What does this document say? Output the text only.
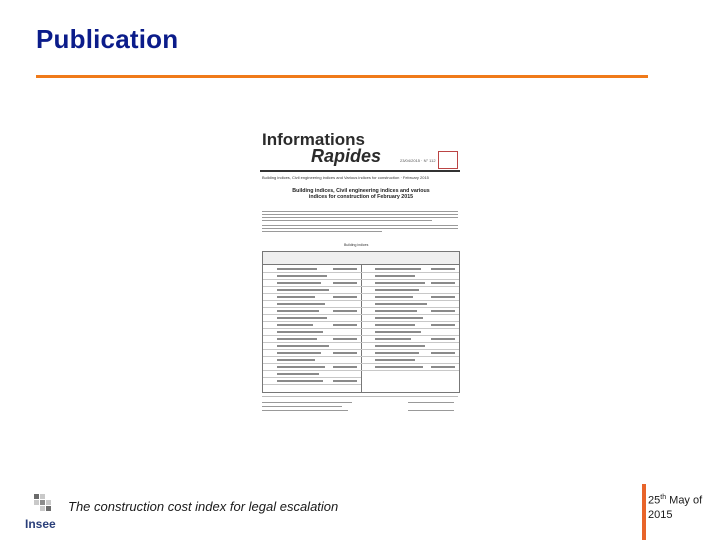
Publication
Informations
Rapides	23/04/2015 · N° 112
Building indices, Civil engineering indices and Various indices for construction · February 2015
Building indices, Civil engineering indices and various indices for construction of February 2015
Building indices
Insee
The construction cost index for legal escalation	25th May of 2015
